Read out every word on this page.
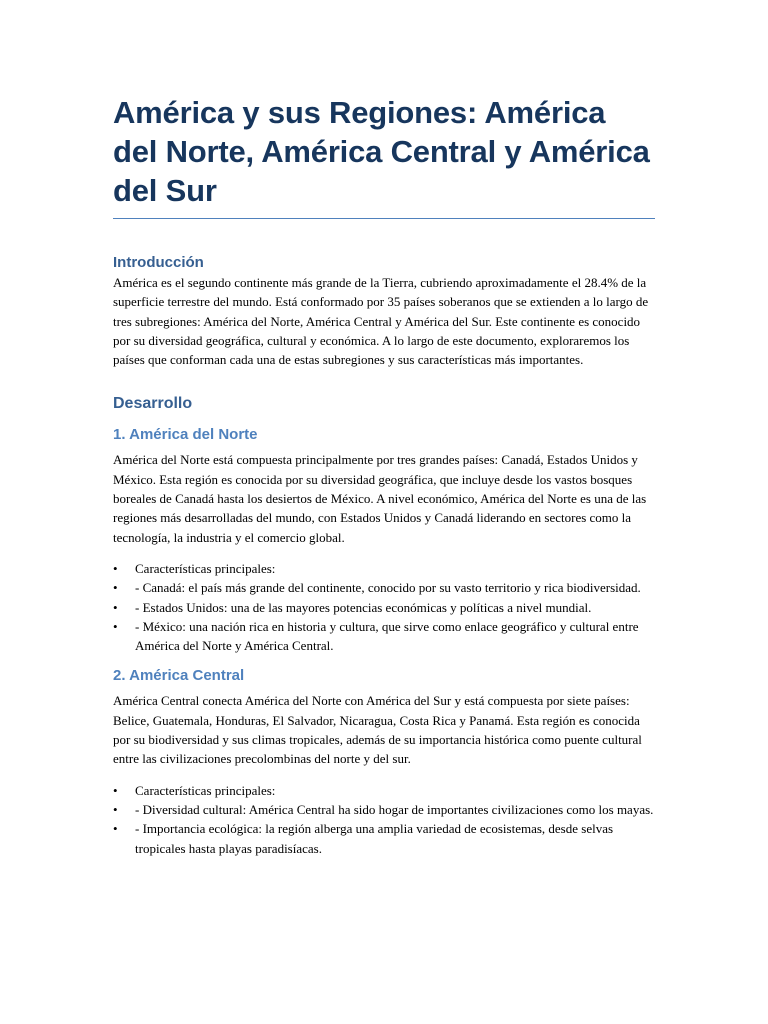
América y sus Regiones: América del Norte, América Central y América del Sur
Introducción

América es el segundo continente más grande de la Tierra, cubriendo aproximadamente el 28.4% de la superficie terrestre del mundo. Está conformado por 35 países soberanos que se extienden a lo largo de tres subregiones: América del Norte, América Central y América del Sur. Este continente es conocido por su diversidad geográfica, cultural y económica. A lo largo de este documento, exploraremos los países que conforman cada una de estas subregiones y sus características más importantes.

Desarrollo
1. América del Norte

América del Norte está compuesta principalmente por tres grandes países: Canadá, Estados Unidos y México. Esta región es conocida por su diversidad geográfica, que incluye desde los vastos bosques boreales de Canadá hasta los desiertos de México. A nivel económico, América del Norte es una de las regiones más desarrolladas del mundo, con Estados Unidos y Canadá liderando en sectores como la tecnología, la industria y el comercio global.

• Características principales:
• - Canadá: el país más grande del continente, conocido por su vasto territorio y rica biodiversidad.
• - Estados Unidos: una de las mayores potencias económicas y políticas a nivel mundial.
• - México: una nación rica en historia y cultura, que sirve como enlace geográfico y cultural entre América del Norte y América Central.
2. América Central

América Central conecta América del Norte con América del Sur y está compuesta por siete países: Belice, Guatemala, Honduras, El Salvador, Nicaragua, Costa Rica y Panamá. Esta región es conocida por su biodiversidad y sus climas tropicales, además de su importancia histórica como puente cultural entre las civilizaciones precolombinas del norte y del sur.

• Características principales:
• - Diversidad cultural: América Central ha sido hogar de importantes civilizaciones como los mayas.
• - Importancia ecológica: la región alberga una amplia variedad de ecosistemas, desde selvas tropicales hasta playas paradisíacas.
